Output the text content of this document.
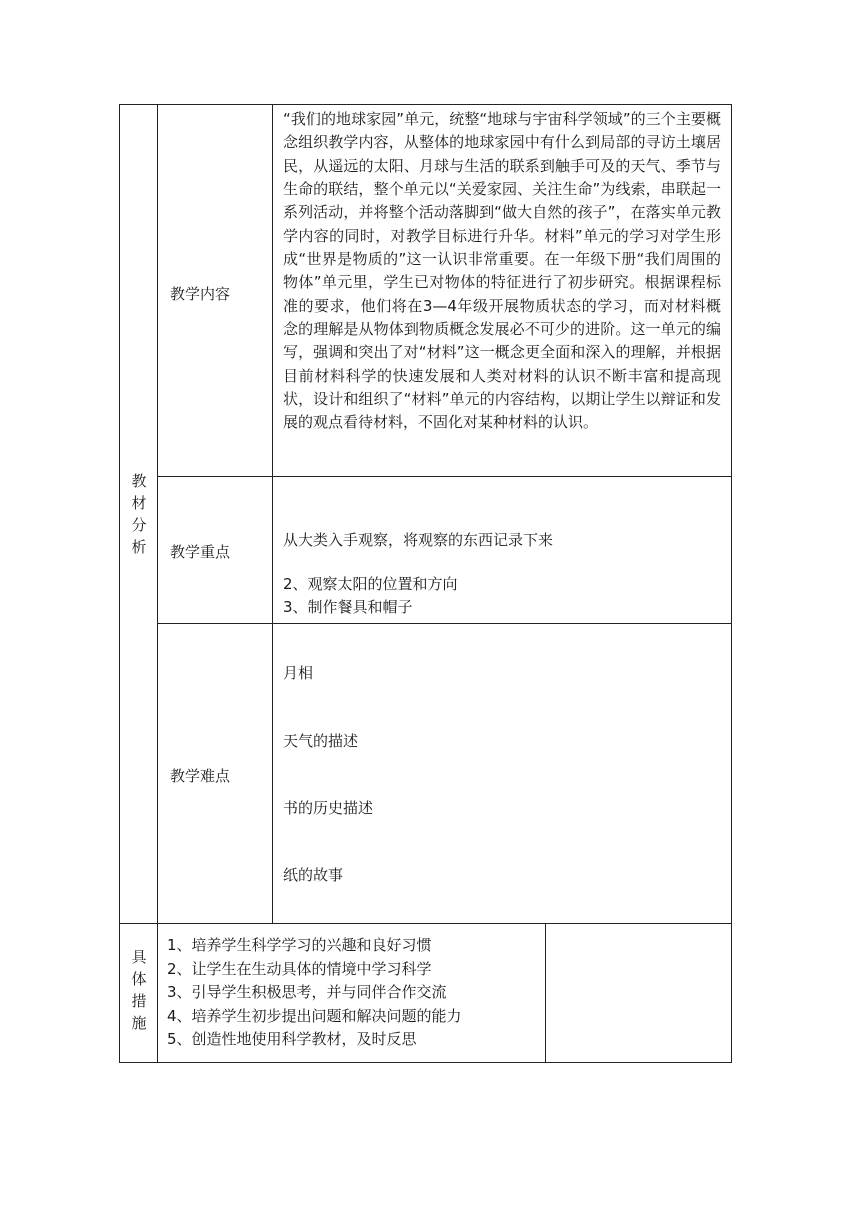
教
材
分
析
教学内容
“我们的地球家园”单元，统整“地球与宇宙科学领域”的三个主要概念组织教学内容，从整体的地球家园中有什么到局部的寻访土壤居民，从遥远的太阳、月球与生活的联系到触手可及的天气、季节与生命的联结，整个单元以“关爱家园、关注生命”为线索，串联起一系列活动，并将整个活动落脚到“做大自然的孩子”，在落实单元教学内容的同时，对教学目标进行升华。材料”单元的学习对学生形成“世界是物质的”这一认识非常重要。在一年级下册“我们周围的物体”单元里，学生已对物体的特征进行了初步研究。根据课程标准的要求，他们将在3—4年级开展物质状态的学习，而对材料概念的理解是从物体到物质概念发展必不可少的进阶。这一单元的编写，强调和突出了对“材料”这一概念更全面和深入的理解，并根据目前材料科学的快速发展和人类对材料的认识不断丰富和提高现状，设计和组织了“材料”单元的内容结构，以期让学生以辩证和发展的观点看待材料，不固化对某种材料的认识。
教学重点
从大类入手观察，将观察的东西记录下来
2、观察太阳的位置和方向
3、制作餐具和帽子
教学难点
月相
天气的描述
书的历史描述
纸的故事
具
体
措
施
1、培养学生科学学习的兴趣和良好习惯
2、让学生在生动具体的情境中学习科学
3、引导学生积极思考，并与同伴合作交流
4、培养学生初步提出问题和解决问题的能力
5、创造性地使用科学教材，及时反思
